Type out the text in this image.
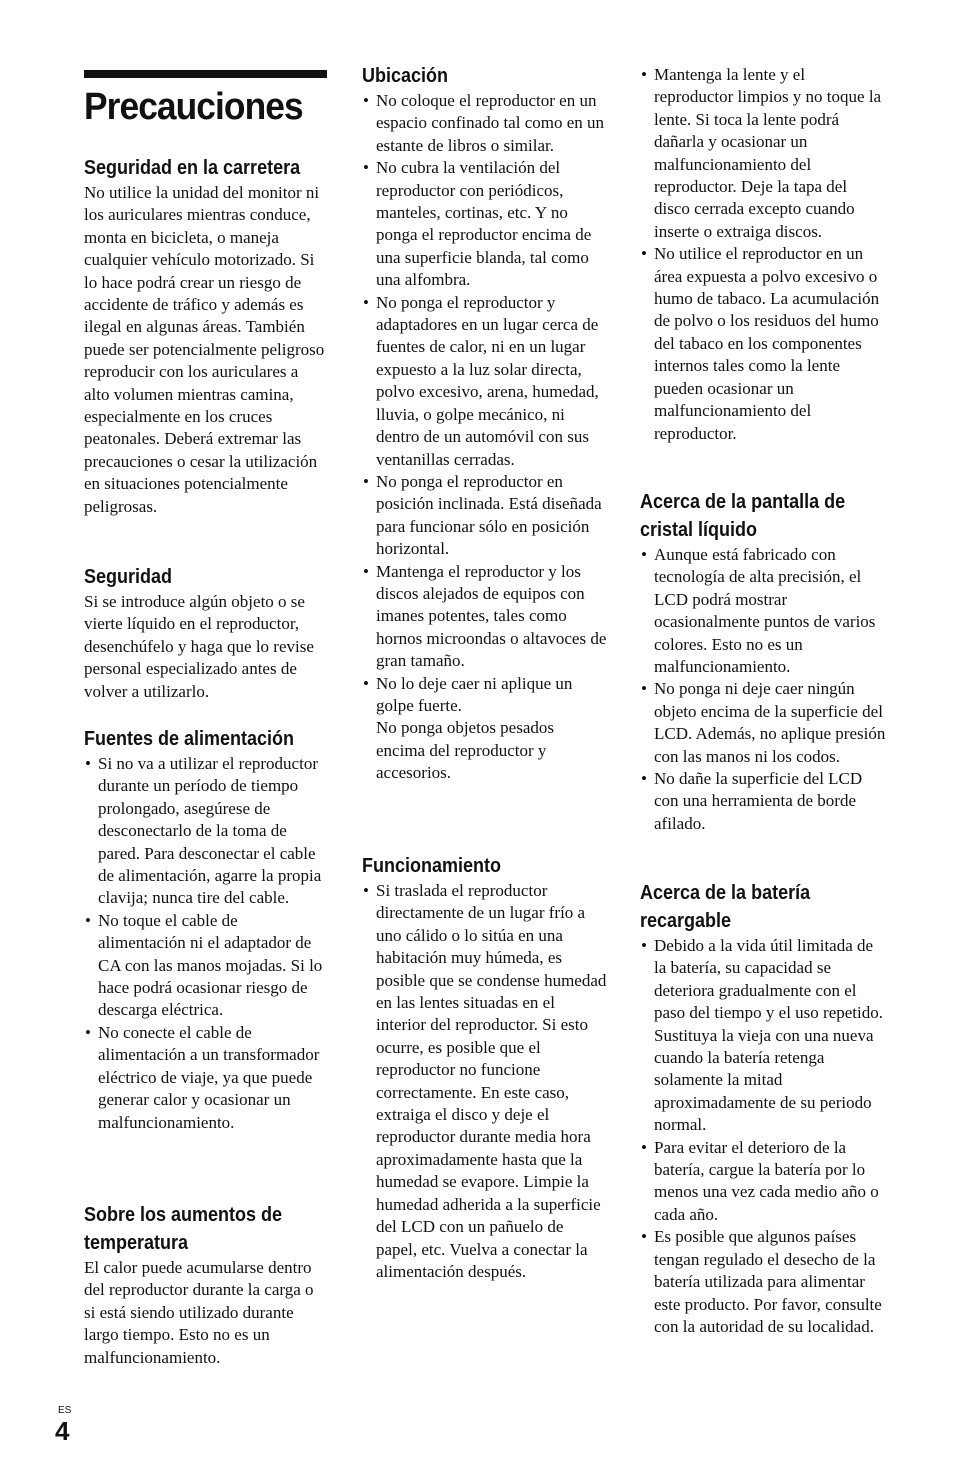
Precauciones
Seguridad en la carretera

No utilice la unidad del monitor ni los auriculares mientras conduce, monta en bicicleta, o maneja cualquier vehículo motorizado. Si lo hace podrá crear un riesgo de accidente de tráfico y además es ilegal en algunas áreas. También puede ser potencialmente peligroso reproducir con los auriculares a alto volumen mientras camina, especialmente en los cruces peatonales. Deberá extremar las precauciones o cesar la utilización en situaciones potencialmente peligrosas.

Seguridad

Si se introduce algún objeto o se vierte líquido en el reproductor, desenchúfelo y haga que lo revise personal especializado antes de volver a utilizarlo.

Fuentes de alimentación
• Si no va a utilizar el reproductor durante un período de tiempo prolongado, asegúrese de desconectarlo de la toma de pared. Para desconectar el cable de alimentación, agarre la propia clavija; nunca tire del cable.
• No toque el cable de alimentación ni el adaptador de CA con las manos mojadas. Si lo hace podrá ocasionar riesgo de descarga eléctrica.
• No conecte el cable de alimentación a un transformador eléctrico de viaje, ya que puede generar calor y ocasionar un malfuncionamiento.
Sobre los aumentos de
temperatura

El calor puede acumularse dentro del reproductor durante la carga o si está siendo utilizado durante largo tiempo. Esto no es un malfuncionamiento.

Ubicación
• No coloque el reproductor en un espacio confinado tal como en un estante de libros o similar.
• No cubra la ventilación del reproductor con periódicos, manteles, cortinas, etc. Y no ponga el reproductor encima de una superficie blanda, tal como una alfombra.
• No ponga el reproductor y adaptadores en un lugar cerca de fuentes de calor, ni en un lugar expuesto a la luz solar directa, polvo excesivo, arena, humedad, lluvia, o golpe mecánico, ni dentro de un automóvil con sus ventanillas cerradas.
• No ponga el reproductor en posición inclinada. Está diseñada para funcionar sólo en posición horizontal.
• Mantenga el reproductor y los discos alejados de equipos con imanes potentes, tales como hornos microondas o altavoces de gran tamaño.
• No lo deje caer ni aplique un golpe fuerte.
No ponga objetos pesados encima del reproductor y accesorios.
Funcionamiento
• Si traslada el reproductor directamente de un lugar frío a uno cálido o lo sitúa en una habitación muy húmeda, es posible que se condense humedad en las lentes situadas en el interior del reproductor. Si esto ocurre, es posible que el reproductor no funcione correctamente. En este caso, extraiga el disco y deje el reproductor durante media hora aproximadamente hasta que la humedad se evapore. Limpie la humedad adherida a la superficie del LCD con un pañuelo de papel, etc. Vuelva a conectar la alimentación después.
• Mantenga la lente y el reproductor limpios y no toque la lente. Si toca la lente podrá dañarla y ocasionar un malfuncionamiento del reproductor. Deje la tapa del disco cerrada excepto cuando inserte o extraiga discos.
• No utilice el reproductor en un área expuesta a polvo excesivo o humo de tabaco. La acumulación de polvo o los residuos del humo del tabaco en los componentes internos tales como la lente pueden ocasionar un malfuncionamiento del reproductor.
Acerca de la pantalla de
cristal líquido
• Aunque está fabricado con tecnología de alta precisión, el LCD podrá mostrar ocasionalmente puntos de varios colores. Esto no es un malfuncionamiento.
• No ponga ni deje caer ningún objeto encima de la superficie del LCD. Además, no aplique presión con las manos ni los codos.
• No dañe la superficie del LCD con una herramienta de borde afilado.
Acerca de la batería
recargable
• Debido a la vida útil limitada de la batería, su capacidad se deteriora gradualmente con el paso del tiempo y el uso repetido. Sustituya la vieja con una nueva cuando la batería retenga solamente la mitad aproximadamente de su periodo normal.
• Para evitar el deterioro de la batería, cargue la batería por lo menos una vez cada medio año o cada año.
• Es posible que algunos países tengan regulado el desecho de la batería utilizada para alimentar este producto. Por favor, consulte con la autoridad de su localidad.
ES
4
